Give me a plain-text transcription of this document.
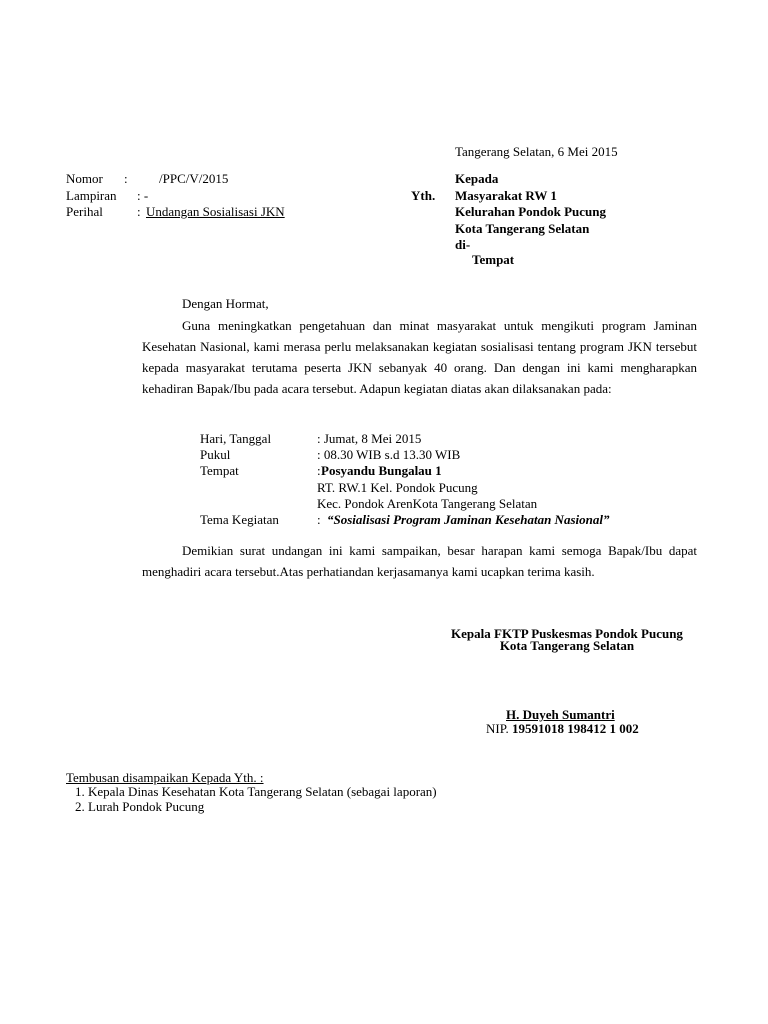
Tangerang Selatan, 6 Mei 2015
Nomor : /PPC/V/2015
Lampiran : -
Perihal	: Undangan Sosialisasi JKN
Kepada
Yth. Masyarakat RW 1
Kelurahan Pondok Pucung
Kota Tangerang Selatan
di-
Tempat
Dengan Hormat,

Guna meningkatkan pengetahuan dan minat masyarakat untuk mengikuti program Jaminan Kesehatan Nasional, kami merasa perlu melaksanakan kegiatan sosialisasi tentang program JKN tersebut kepada masyarakat terutama peserta JKN sebanyak 40 orang. Dan dengan ini kami mengharapkan kehadiran Bapak/Ibu pada acara tersebut. Adapun kegiatan diatas akan dilaksanakan pada:

Hari, Tanggal	: Jumat, 8 Mei 2015
Pukul	: 08.30 WIB s.d 13.30 WIB
Tempat	: Posyandu Bungalau 1
RT. RW.1 Kel. Pondok Pucung
Kec. Pondok ArenKota Tangerang Selatan
Tema Kegiatan	: “Sosialisasi Program Jaminan Kesehatan Nasional”

Demikian surat undangan ini kami sampaikan, besar harapan kami semoga Bapak/Ibu dapat menghadiri acara tersebut.Atas perhatiandan kerjasamanya kami ucapkan terima kasih.

Kepala FKTP Puskesmas Pondok Pucung
Kota Tangerang Selatan
H. Duyeh Sumantri
NIP. 19591018 198412 1 002
Tembusan disampaikan Kepada Yth. :
1. Kepala Dinas Kesehatan Kota Tangerang Selatan (sebagai laporan)
2. Lurah Pondok Pucung
